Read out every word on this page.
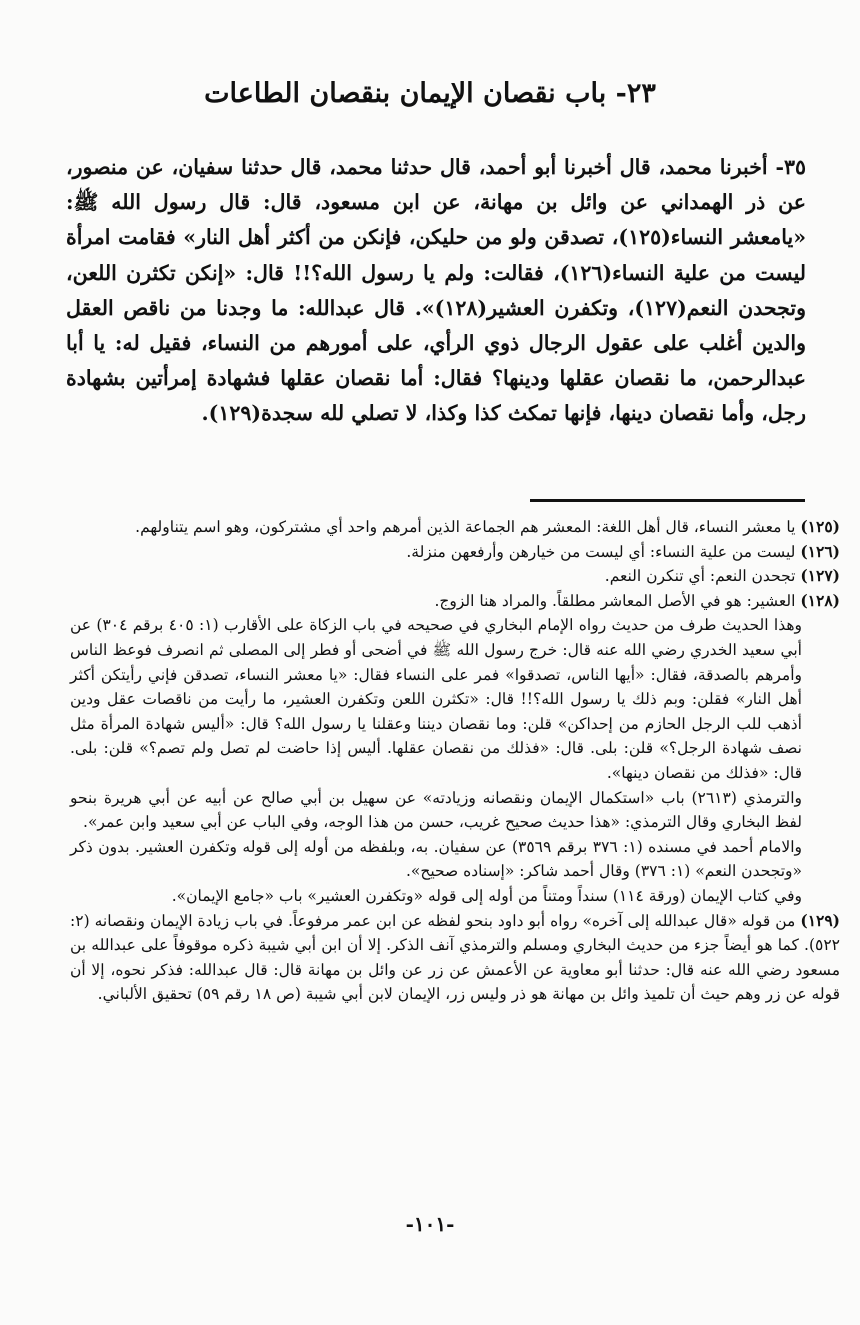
٢٣- باب نقصان الإيمان بنقصان الطاعات

٣٥- أخبرنا محمد، قال أخبرنا أبو أحمد، قال حدثنا محمد، قال حدثنا سفيان، عن منصور، عن ذر الهمداني عن وائل بن مهانة، عن ابن مسعود، قال: قال رسول الله ﷺ: «يامعشر النساء(١٢٥)، تصدقن ولو من حليكن، فإنكن من أكثر أهل النار» فقامت امرأة ليست من علية النساء(١٢٦)، فقالت: ولم يا رسول الله؟!! قال: «إنكن تكثرن اللعن، وتجحدن النعم(١٢٧)، وتكفرن العشير(١٢٨)». قال عبدالله: ما وجدنا من ناقص العقل والدين أغلب على عقول الرجال ذوي الرأي، على أمورهم من النساء، فقيل له: يا أبا عبدالرحمن، ما نقصان عقلها ودينها؟ فقال: أما نقصان عقلها فشهادة إمرأتين بشهادة رجل، وأما نقصان دينها، فإنها تمكث كذا وكذا، لا تصلي لله سجدة(١٢٩).

(١٢٥) يا معشر النساء، قال أهل اللغة: المعشر هم الجماعة الذين أمرهم واحد أي مشتركون، وهو اسم يتناولهم.

(١٢٦) ليست من علية النساء: أي ليست من خيارهن وأرفعهن منزلة.

(١٢٧) تجحدن النعم: أي تنكرن النعم.

(١٢٨) العشير: هو في الأصل المعاشر مطلقاً. والمراد هنا الزوج.

وهذا الحديث طرف من حديث رواه الإمام البخاري في صحيحه في باب الزكاة على الأقارب (١: ٤٠٥ برقم ٣٠٤) عن أبي سعيد الخدري رضي الله عنه قال: خرج رسول الله ﷺ في أضحى أو فطر إلى المصلى ثم انصرف فوعظ الناس وأمرهم بالصدقة، فقال: «أيها الناس، تصدقوا» فمر على النساء فقال: «يا معشر النساء، تصدقن فإني رأيتكن أكثر أهل النار» فقلن: وبم ذلك يا رسول الله؟!! قال: «تكثرن اللعن وتكفرن العشير، ما رأيت من ناقصات عقل ودين أذهب للب الرجل الحازم من إحداكن» قلن: وما نقصان ديننا وعقلنا يا رسول الله؟ قال: «أليس شهادة المرأة مثل نصف شهادة الرجل؟» قلن: بلى. قال: «فذلك من نقصان عقلها. أليس إذا حاضت لم تصل ولم تصم؟» قلن: بلى. قال: «فذلك من نقصان دينها».

والترمذي (٢٦١٣) باب «استكمال الإيمان ونقصانه وزيادته» عن سهيل بن أبي صالح عن أبيه عن أبي هريرة بنحو لفظ البخاري وقال الترمذي: «هذا حديث صحيح غريب، حسن من هذا الوجه، وفي الباب عن أبي سعيد وابن عمر».

والامام أحمد في مسنده (١: ٣٧٦ برقم ٣٥٦٩) عن سفيان. به، وبلفظه من أوله إلى قوله وتكفرن العشير. بدون ذكر «وتجحدن النعم» (١: ٣٧٦) وقال أحمد شاكر: «إسناده صحيح».

وفي كتاب الإيمان (ورقة ١١٤) سنداً ومتناً من أوله إلى قوله «وتكفرن العشير» باب «جامع الإيمان».

(١٢٩) من قوله «قال عبدالله إلى آخره» رواه أبو داود بنحو لفظه عن ابن عمر مرفوعاً. في باب زيادة الإيمان ونقصانه (٢: ٥٢٢). كما هو أيضاً جزء من حديث البخاري ومسلم والترمذي آنف الذكر. إلا أن ابن أبي شيبة ذكره موقوفاً على عبدالله بن مسعود رضي الله عنه قال: حدثنا أبو معاوية عن الأعمش عن زر عن وائل بن مهانة قال: قال عبدالله: فذكر نحوه، إلا أن قوله عن زر وهم حيث أن تلميذ وائل بن مهانة هو ذر وليس زر، الإيمان لابن أبي شيبة (ص ١٨ رقم ٥٩) تحقيق الألباني.

-١٠١-
